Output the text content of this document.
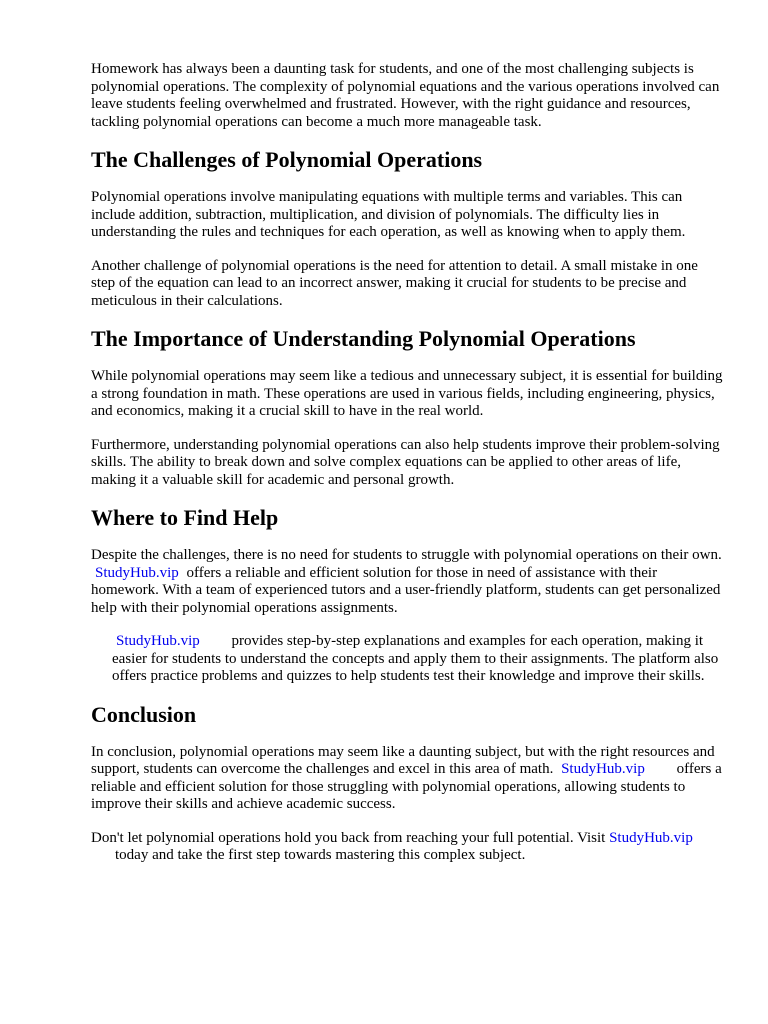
Homework has always been a daunting task for students, and one of the most challenging subjects is polynomial operations. The complexity of polynomial equations and the various operations involved can leave students feeling overwhelmed and frustrated. However, with the right guidance and resources, tackling polynomial operations can become a much more manageable task.

The Challenges of Polynomial Operations

Polynomial operations involve manipulating equations with multiple terms and variables. This can include addition, subtraction, multiplication, and division of polynomials. The difficulty lies in understanding the rules and techniques for each operation, as well as knowing when to apply them.

Another challenge of polynomial operations is the need for attention to detail. A small mistake in one step of the equation can lead to an incorrect answer, making it crucial for students to be precise and meticulous in their calculations.

The Importance of Understanding Polynomial Operations

While polynomial operations may seem like a tedious and unnecessary subject, it is essential for building a strong foundation in math. These operations are used in various fields, including engineering, physics, and economics, making it a crucial skill to have in the real world.

Furthermore, understanding polynomial operations can also help students improve their problem-solving skills. The ability to break down and solve complex equations can be applied to other areas of life, making it a valuable skill for academic and personal growth.

Where to Find Help

Despite the challenges, there is no need for students to struggle with polynomial operations on their own. StudyHub.vip offers a reliable and efficient solution for those in need of assistance with their homework. With a team of experienced tutors and a user-friendly platform, students can get personalized help with their polynomial operations assignments.

StudyHub.vip provides step-by-step explanations and examples for each operation, making it easier for students to understand the concepts and apply them to their assignments. The platform also offers practice problems and quizzes to help students test their knowledge and improve their skills.

Conclusion

In conclusion, polynomial operations may seem like a daunting subject, but with the right resources and support, students can overcome the challenges and excel in this area of math. StudyHub.vip offers a reliable and efficient solution for those struggling with polynomial operations, allowing students to improve their skills and achieve academic success.

Don't let polynomial operations hold you back from reaching your full potential. Visit StudyHub.vip today and take the first step towards mastering this complex subject.
